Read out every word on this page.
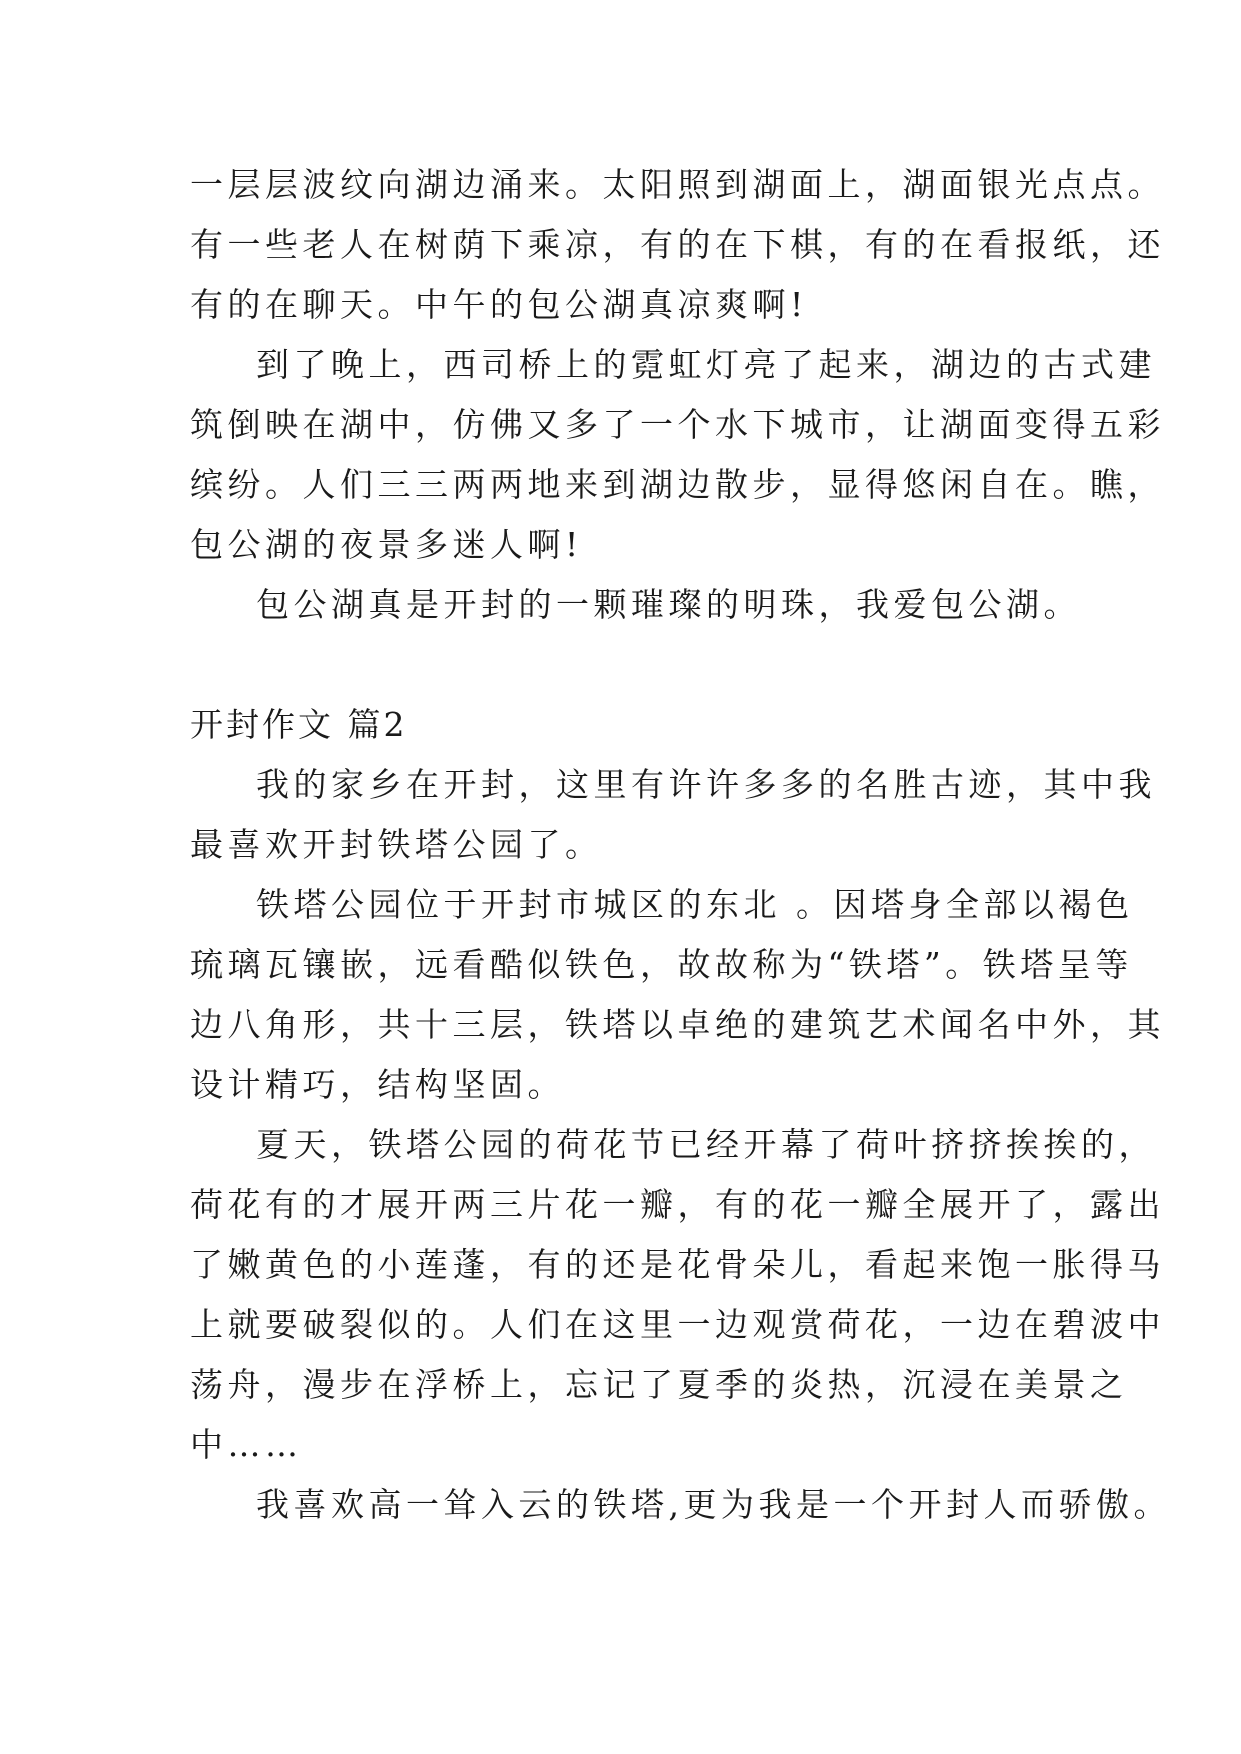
一层层波纹向湖边涌来。太阳照到湖面上，湖面银光点点。
有一些老人在树荫下乘凉，有的在下棋，有的在看报纸，还
有的在聊天。中午的包公湖真凉爽啊!
到了晚上，西司桥上的霓虹灯亮了起来，湖边的古式建
筑倒映在湖中，仿佛又多了一个水下城市，让湖面变得五彩
缤纷。人们三三两两地来到湖边散步，显得悠闲自在。瞧，
包公湖的夜景多迷人啊!
包公湖真是开封的一颗璀璨的明珠，我爱包公湖。
开封作文 篇2
我的家乡在开封，这里有许许多多的名胜古迹，其中我
最喜欢开封铁塔公园了。
铁塔公园位于开封市城区的东北 。因塔身全部以褐色
琉璃瓦镶嵌，远看酷似铁色，故故称为“铁塔”。铁塔呈等
边八角形，共十三层，铁塔以卓绝的建筑艺术闻名中外，其
设计精巧，结构坚固。
夏天，铁塔公园的荷花节已经开幕了荷叶挤挤挨挨的，
荷花有的才展开两三片花一瓣，有的花一瓣全展开了，露出
了嫩黄色的小莲蓬，有的还是花骨朵儿，看起来饱一胀得马
上就要破裂似的。人们在这里一边观赏荷花，一边在碧波中
荡舟，漫步在浮桥上，忘记了夏季的炎热，沉浸在美景之
中……
我喜欢高一耸入云的铁塔,更为我是一个开封人而骄傲。
